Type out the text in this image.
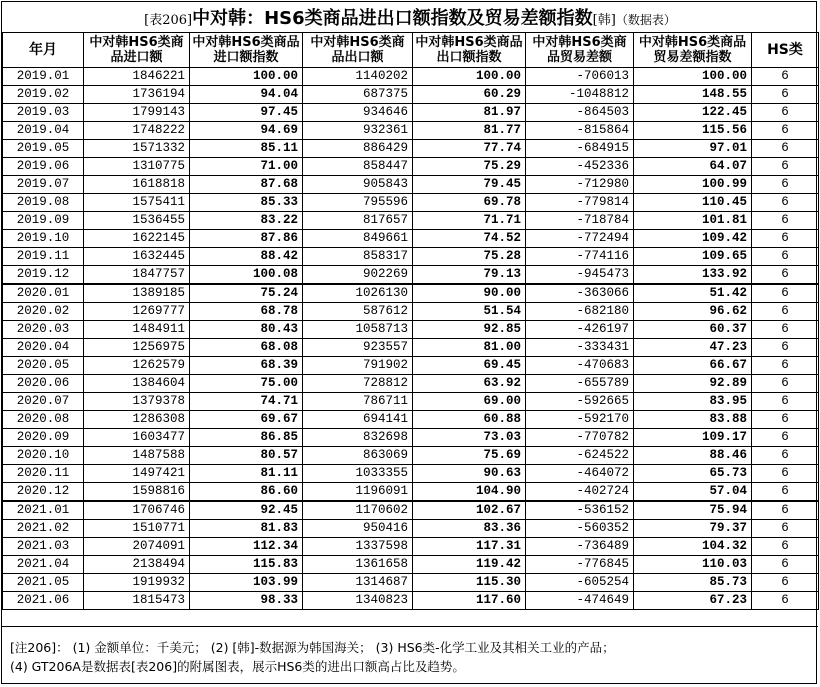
[表206]中对韩：HS6类商品进出口额指数及贸易差额指数[韩]（数据表）
年月	中对韩HS6类商品进口额	中对韩HS6类商品进口额指数	中对韩HS6类商品出口额	中对韩HS6类商品出口额指数	中对韩HS6类商品贸易差额	中对韩HS6类商品贸易差额指数	HS类
2019.01	1846221	100.00	1140202	100.00	-706013	100.00	6
2019.02	1736194	94.04	687375	60.29	-1048812	148.55	6
2019.03	1799143	97.45	934646	81.97	-864503	122.45	6
2019.04	1748222	94.69	932361	81.77	-815864	115.56	6
2019.05	1571332	85.11	886429	77.74	-684915	97.01	6
2019.06	1310775	71.00	858447	75.29	-452336	64.07	6
2019.07	1618818	87.68	905843	79.45	-712980	100.99	6
2019.08	1575411	85.33	795596	69.78	-779814	110.45	6
2019.09	1536455	83.22	817657	71.71	-718784	101.81	6
2019.10	1622145	87.86	849661	74.52	-772494	109.42	6
2019.11	1632445	88.42	858317	75.28	-774116	109.65	6
2019.12	1847757	100.08	902269	79.13	-945473	133.92	6
2020.01	1389185	75.24	1026130	90.00	-363066	51.42	6
2020.02	1269777	68.78	587612	51.54	-682180	96.62	6
2020.03	1484911	80.43	1058713	92.85	-426197	60.37	6
2020.04	1256975	68.08	923557	81.00	-333431	47.23	6
2020.05	1262579	68.39	791902	69.45	-470683	66.67	6
2020.06	1384604	75.00	728812	63.92	-655789	92.89	6
2020.07	1379378	74.71	786711	69.00	-592665	83.95	6
2020.08	1286308	69.67	694141	60.88	-592170	83.88	6
2020.09	1603477	86.85	832698	73.03	-770782	109.17	6
2020.10	1487588	80.57	863069	75.69	-624522	88.46	6
2020.11	1497421	81.11	1033355	90.63	-464072	65.73	6
2020.12	1598816	86.60	1196091	104.90	-402724	57.04	6
2021.01	1706746	92.45	1170602	102.67	-536152	75.94	6
2021.02	1510771	81.83	950416	83.36	-560352	79.37	6
2021.03	2074091	112.34	1337598	117.31	-736489	104.32	6
2021.04	2138494	115.83	1361658	119.42	-776845	110.03	6
2021.05	1919932	103.99	1314687	115.30	-605254	85.73	6
2021.06	1815473	98.33	1340823	117.60	-474649	67.23	6
[注206]： (1) 金额单位：千美元； (2) [韩]-数据源为韩国海关； (3) HS6类-化学工业及其相关工业的产品；
(4) GT206A是数据表[表206]的附属图表，展示HS6类的进出口额高占比及趋势。
